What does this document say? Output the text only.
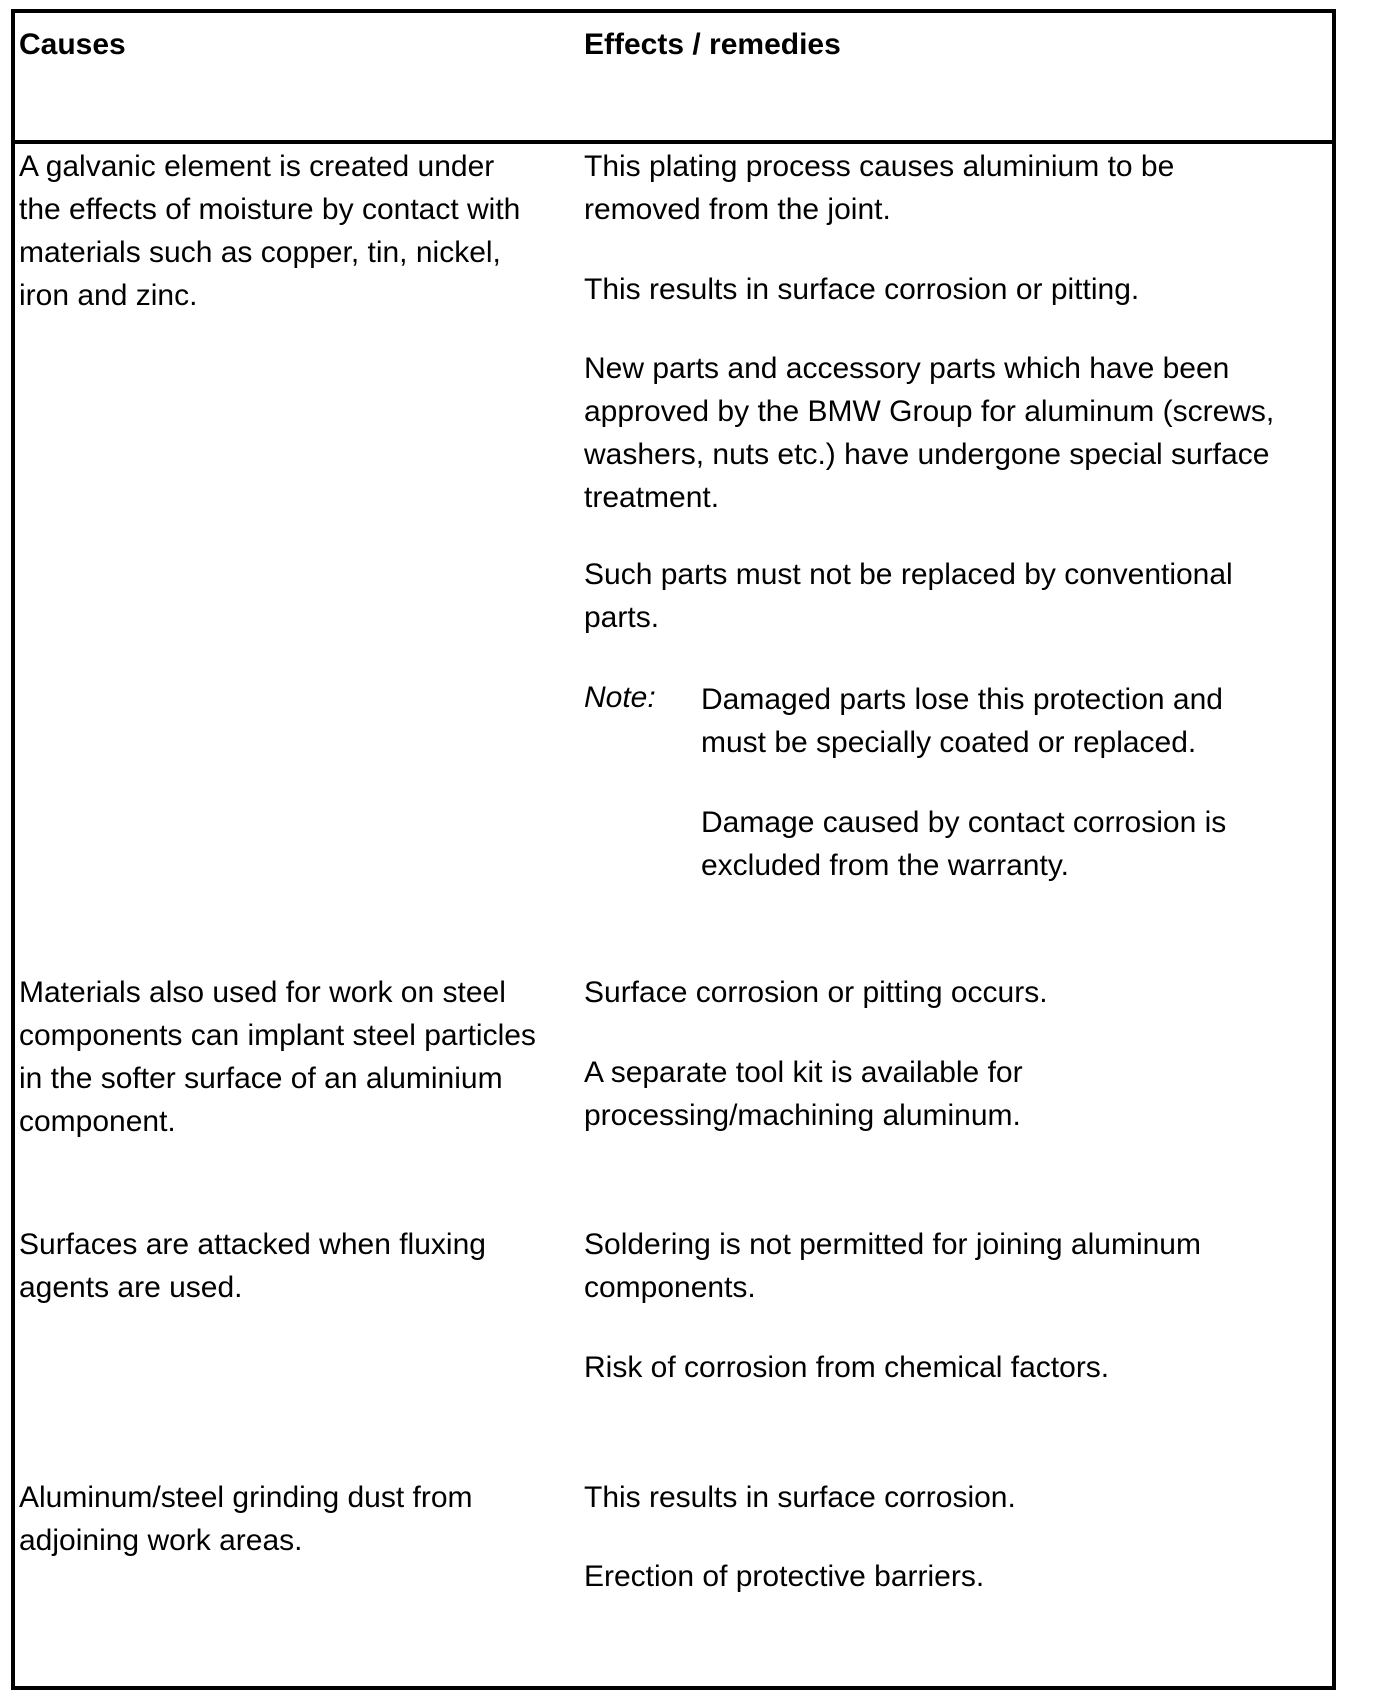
Causes	Effects / remedies
A galvanic element is created under
the effects of moisture by contact with
materials such as copper, tin, nickel,
iron and zinc.
This plating process causes aluminium to be
removed from the joint.
This results in surface corrosion or pitting.
New parts and accessory parts which have been
approved by the BMW Group for aluminum (screws,
washers, nuts etc.) have undergone special surface
treatment.
Such parts must not be replaced by conventional
parts.
Note: Damaged parts lose this protection and
must be specially coated or replaced.
Damage caused by contact corrosion is
excluded from the warranty.
Materials also used for work on steel
components can implant steel particles
in the softer surface of an aluminium
component.
Surface corrosion or pitting occurs.
A separate tool kit is available for
processing/machining aluminum.
Surfaces are attacked when fluxing
agents are used.
Soldering is not permitted for joining aluminum
components.
Risk of corrosion from chemical factors.
Aluminum/steel grinding dust from
adjoining work areas.
This results in surface corrosion.
Erection of protective barriers.
